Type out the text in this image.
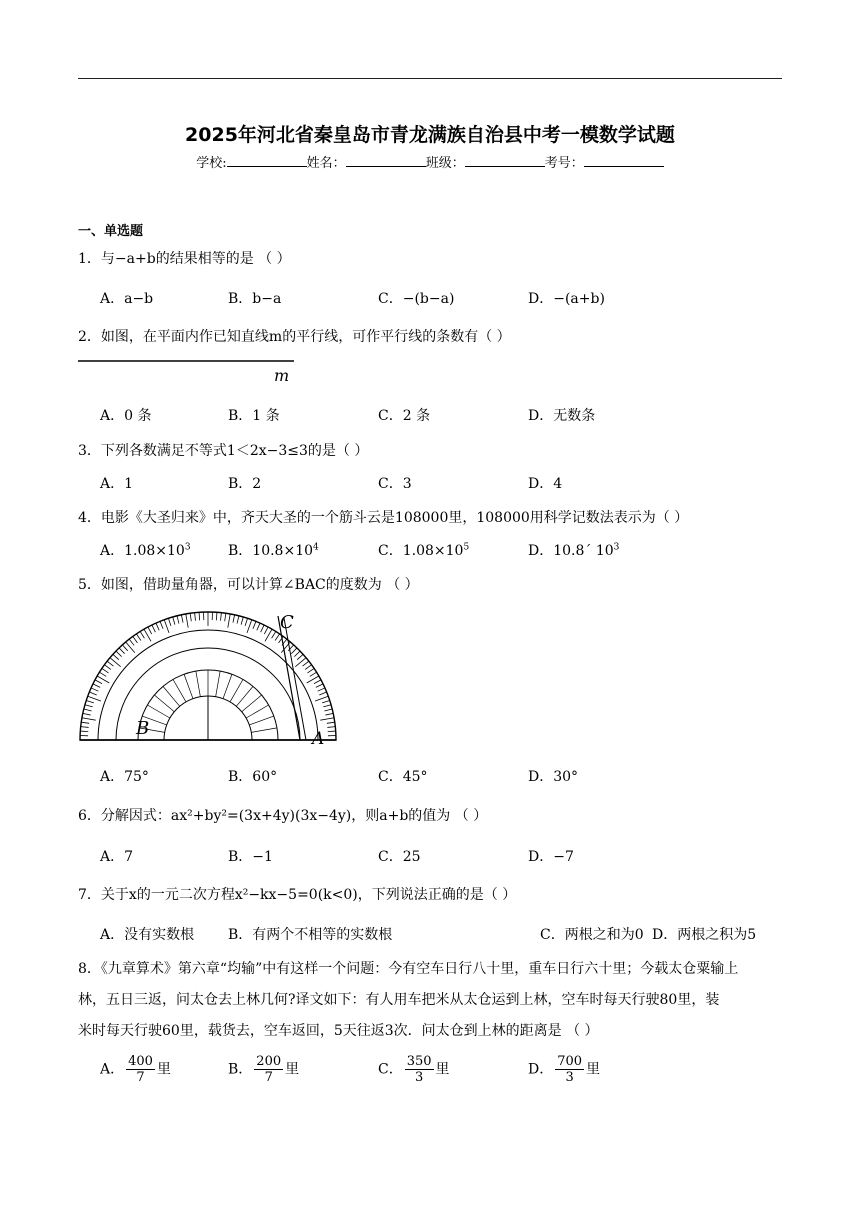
2025年河北省秦皇岛市青龙满族自治县中考一模数学试题
学校:	姓名：	班级：	考号：
一、单选题
1．与−a+b的结果相等的是 （ ）
A．a−b	B．b−a	C．−(b−a)	D．−(a+b)
2．如图，在平面内作已知直线m的平行线，可作平行线的条数有（ ）
m
A．0 条	B．1 条	C．2 条	D．无数条
3．下列各数满足不等式1＜2x−3≤3的是（ ）
A．1	B．2	C．3	D．4
4．电影《大圣归来》中，齐天大圣的一个筋斗云是108000里，108000用科学记数法表示为（ ）
A．$1.08\times 10^3$	B．$10.8\times 10^4$	C．$1.08\times 10^5$	D．10.8´ $10^3$
5．如图，借助量角器，可以计算∠BAC的度数为 （ ）
C
B	A
A．75°	B．60°	C．45°	D．30°
6．分解因式：ax²+by²=(3x+4y)(3x−4y)，则a+b的值为 （ ）
A．7	B．−1	C．25	D．−7
7．关于x的一元二次方程x²−kx−5=0(k<0)，下列说法正确的是（ ）
A．没有实数根 B．有两个不相等的实数根	C．两根之和为0 D．两根之积为5
8．《九章算术》第六章“均输”中有这样一个问题：今有空车日行八十里，重车日行六十里；今载太仓粟输上
林，五日三返，问太仓去上林几何?译文如下：有人用车把米从太仓运到上林，空车时每天行驶80里，装
米时每天行驶60里，载货去，空车返回，5天往返3次．问太仓到上林的距离是 （ ）
A． $\frac{400}{7}$ 里	B． $\frac{200}{7}$ 里	C． $\frac{350}{3}$ 里	D． $\frac{700}{3}$ 里
